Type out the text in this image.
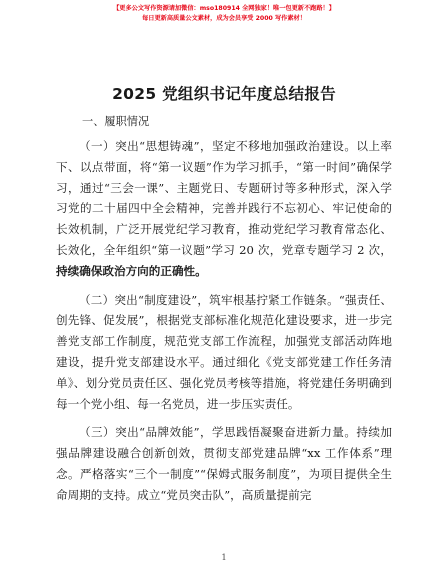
【更多公文写作资源请加微信：mso180914 全网独家！唯一包更新不跑路！】
每日更新高质量公文素材，成为会员享受 2000 写作素材！
2025 党组织书记年度总结报告
一、履职情况

（一）突出“思想铸魂”，坚定不移地加强政治建设。以上率下、以点带面，将“第一议题”作为学习抓手，“第一时间”确保学习，通过“三会一课”、主题党日、专题研讨等多种形式，深入学习党的二十届四中全会精神，完善并践行不忘初心、牢记使命的长效机制，广泛开展党纪学习教育，推动党纪学习教育常态化、长效化，全年组织“第一议题”学习 20 次，党章专题学习 2 次，持续确保政治方向的正确性。

（二）突出“制度建设”，筑牢根基拧紧工作链条。“强责任、创先锋、促发展”，根据党支部标准化规范化建设要求，进一步完善党支部工作制度，规范党支部工作流程，加强党支部活动阵地建设，提升党支部建设水平。通过细化《党支部党建工作任务清单》、划分党员责任区、强化党员考核等措施，将党建任务明确到每一个党小组、每一名党员，进一步压实责任。

（三）突出“品牌效能”，学思践悟凝聚奋进新力量。持续加强品牌建设融合创新创效，贯彻支部党建品牌“xx 工作体系”理念。严格落实“三个一制度”“保姆式服务制度”，为项目提供全生命周期的支持。成立“党员突击队”，高质量提前完

1
